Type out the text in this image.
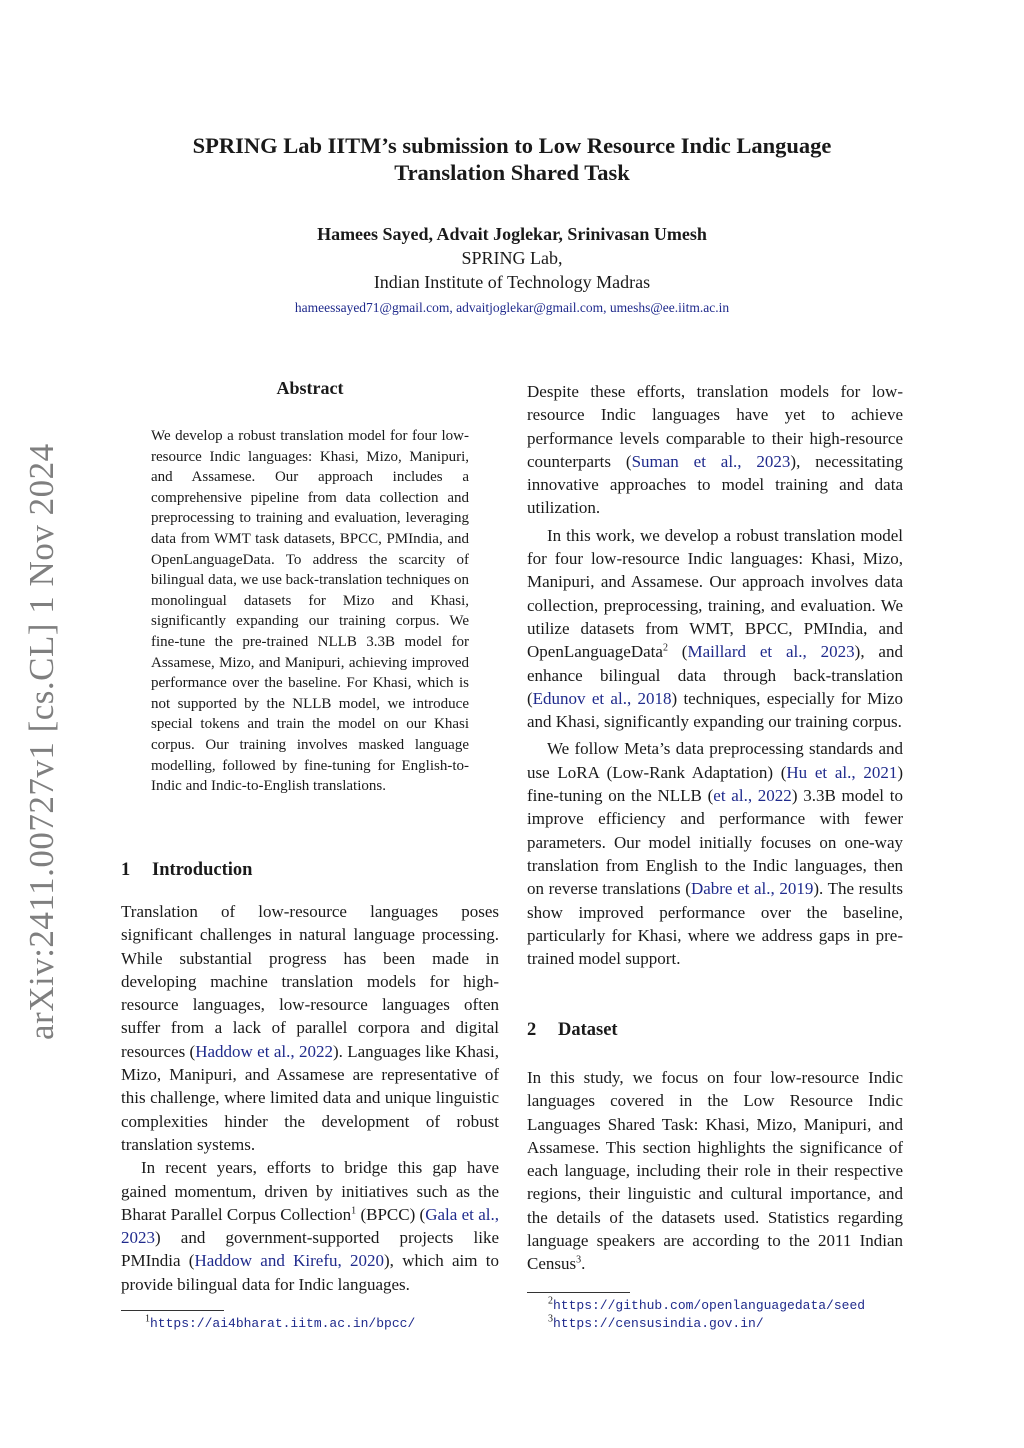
arXiv:2411.00727v1 [cs.CL] 1 Nov 2024
SPRING Lab IITM’s submission to Low Resource Indic Language
Translation Shared Task
Hamees Sayed, Advait Joglekar, Srinivasan Umesh
SPRING Lab,
Indian Institute of Technology Madras
hameessayed71@gmail.com, advaitjoglekar@gmail.com, umeshs@ee.iitm.ac.in
Abstract

We develop a robust translation model for four low-resource Indic languages: Khasi, Mizo, Manipuri, and Assamese. Our approach includes a comprehensive pipeline from data collection and preprocessing to training and evaluation, leveraging data from WMT task datasets, BPCC, PMIndia, and OpenLanguageData. To address the scarcity of bilingual data, we use back-translation techniques on monolingual datasets for Mizo and Khasi, significantly expanding our training corpus. We fine-tune the pre-trained NLLB 3.3B model for Assamese, Mizo, and Manipuri, achieving improved performance over the baseline. For Khasi, which is not supported by the NLLB model, we introduce special tokens and train the model on our Khasi corpus. Our training involves masked language modelling, followed by fine-tuning for English-to-Indic and Indic-to-English translations.

1 Introduction

Translation of low-resource languages poses significant challenges in natural language processing. While substantial progress has been made in developing machine translation models for high-resource languages, low-resource languages often suffer from a lack of parallel corpora and digital resources (Haddow et al., 2022). Languages like Khasi, Mizo, Manipuri, and Assamese are representative of this challenge, where limited data and unique linguistic complexities hinder the development of robust translation systems.

In recent years, efforts to bridge this gap have gained momentum, driven by initiatives such as the Bharat Parallel Corpus Collection$^1$ (BPCC) (Gala et al., 2023) and government-supported projects like PMIndia (Haddow and Kirefu, 2020), which aim to provide bilingual data for Indic languages.

$^1$https://ai4bharat.iitm.ac.in/bpcc/

Despite these efforts, translation models for low-resource Indic languages have yet to achieve performance levels comparable to their high-resource counterparts (Suman et al., 2023), necessitating innovative approaches to model training and data utilization.

In this work, we develop a robust translation model for four low-resource Indic languages: Khasi, Mizo, Manipuri, and Assamese. Our approach involves data collection, preprocessing, training, and evaluation. We utilize datasets from WMT, BPCC, PMIndia, and OpenLanguageData$^2$ (Maillard et al., 2023), and enhance bilingual data through back-translation (Edunov et al., 2018) techniques, especially for Mizo and Khasi, significantly expanding our training corpus.

We follow Meta’s data preprocessing standards and use LoRA (Low-Rank Adaptation) (Hu et al., 2021) fine-tuning on the NLLB (et al., 2022) 3.3B model to improve efficiency and performance with fewer parameters. Our model initially focuses on one-way translation from English to the Indic languages, then on reverse translations (Dabre et al., 2019). The results show improved performance over the baseline, particularly for Khasi, where we address gaps in pre-trained model support.

2 Dataset

In this study, we focus on four low-resource Indic languages covered in the Low Resource Indic Languages Shared Task: Khasi, Mizo, Manipuri, and Assamese. This section highlights the significance of each language, including their role in their respective regions, their linguistic and cultural importance, and the details of the datasets used. Statistics regarding language speakers are according to the 2011 Indian Census$^3$.

$^2$https://github.com/openlanguagedata/seed
$^3$https://censusindia.gov.in/
